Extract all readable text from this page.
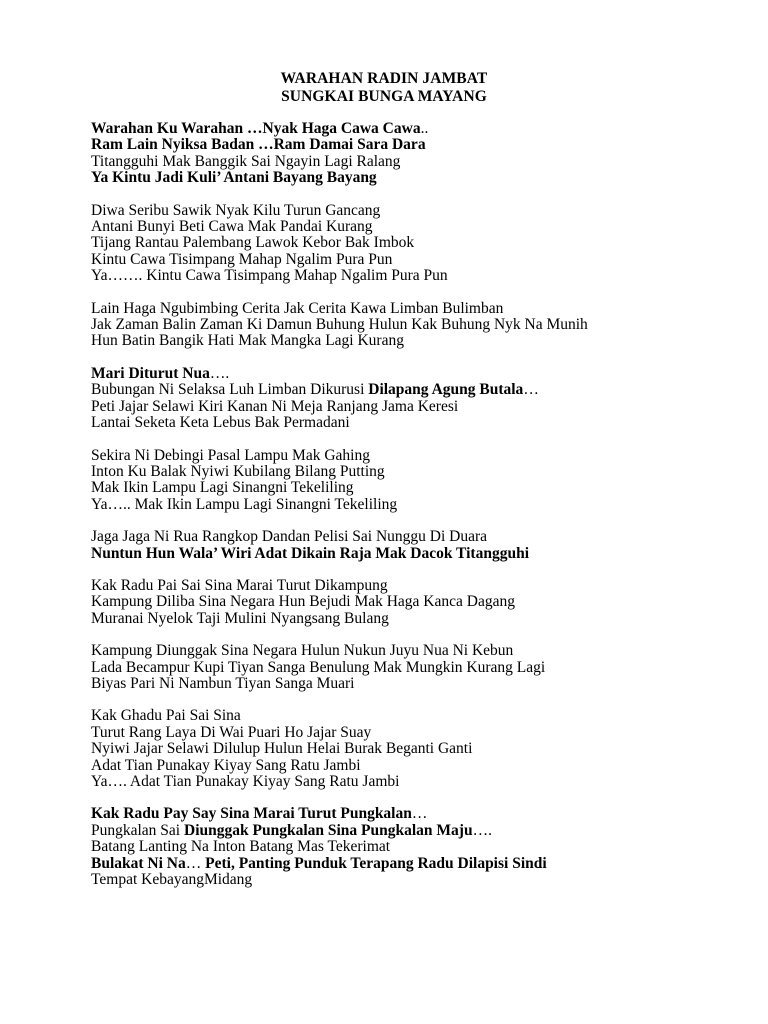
WARAHAN RADIN JAMBAT
SUNGKAI BUNGA MAYANG
Warahan Ku Warahan …Nyak Haga Cawa Cawa..
Ram Lain Nyiksa Badan …Ram Damai Sara Dara
Titangguhi Mak Banggik Sai Ngayin Lagi Ralang
Ya Kintu Jadi Kuli’ Antani Bayang Bayang
Diwa Seribu Sawik Nyak Kilu Turun Gancang
Antani Bunyi Beti Cawa Mak Pandai Kurang
Tijang Rantau Palembang Lawok Kebor Bak Imbok
Kintu Cawa Tisimpang Mahap Ngalim Pura Pun
Ya……. Kintu Cawa Tisimpang Mahap Ngalim Pura Pun
Lain Haga Ngubimbing Cerita Jak Cerita Kawa Limban Bulimban
Jak Zaman Balin Zaman Ki Damun Buhung Hulun Kak Buhung Nyk Na Munih
Hun Batin Bangik Hati Mak Mangka Lagi Kurang
Mari Diturut Nua….
Bubungan Ni Selaksa Luh Limban Dikurusi Dilapang Agung Butala…
Peti Jajar Selawi Kiri Kanan Ni Meja Ranjang Jama Keresi
Lantai Seketa Keta Lebus Bak Permadani
Sekira Ni Debingi Pasal Lampu Mak Gahing
Inton Ku Balak Nyiwi Kubilang Bilang Putting
Mak Ikin Lampu Lagi Sinangni Tekeliling
Ya….. Mak Ikin Lampu Lagi Sinangni Tekeliling
Jaga Jaga Ni Rua Rangkop Dandan Pelisi Sai Nunggu Di Duara
Nuntun Hun Wala’ Wiri Adat Dikain Raja Mak Dacok Titangguhi
Kak Radu Pai Sai Sina Marai Turut Dikampung
Kampung Diliba Sina Negara Hun Bejudi Mak Haga Kanca Dagang
Muranai Nyelok Taji Mulini Nyangsang Bulang
Kampung Diunggak Sina Negara Hulun Nukun Juyu Nua Ni Kebun
Lada Becampur Kupi Tiyan Sanga Benulung Mak Mungkin Kurang Lagi
Biyas Pari Ni Nambun Tiyan Sanga Muari
Kak Ghadu Pai Sai Sina
Turut Rang Laya Di Wai Puari Ho Jajar Suay
Nyiwi Jajar Selawi Dilulup Hulun Helai Burak Beganti Ganti
Adat Tian Punakay Kiyay Sang Ratu Jambi
Ya…. Adat Tian Punakay Kiyay Sang Ratu Jambi
Kak Radu Pay Say Sina Marai Turut Pungkalan…
Pungkalan Sai Diunggak Pungkalan Sina Pungkalan Maju….
Batang Lanting Na Inton Batang Mas Tekerimat
Bulakat Ni Na… Peti, Panting Punduk Terapang Radu Dilapisi Sindi
Tempat KebayangMidang
